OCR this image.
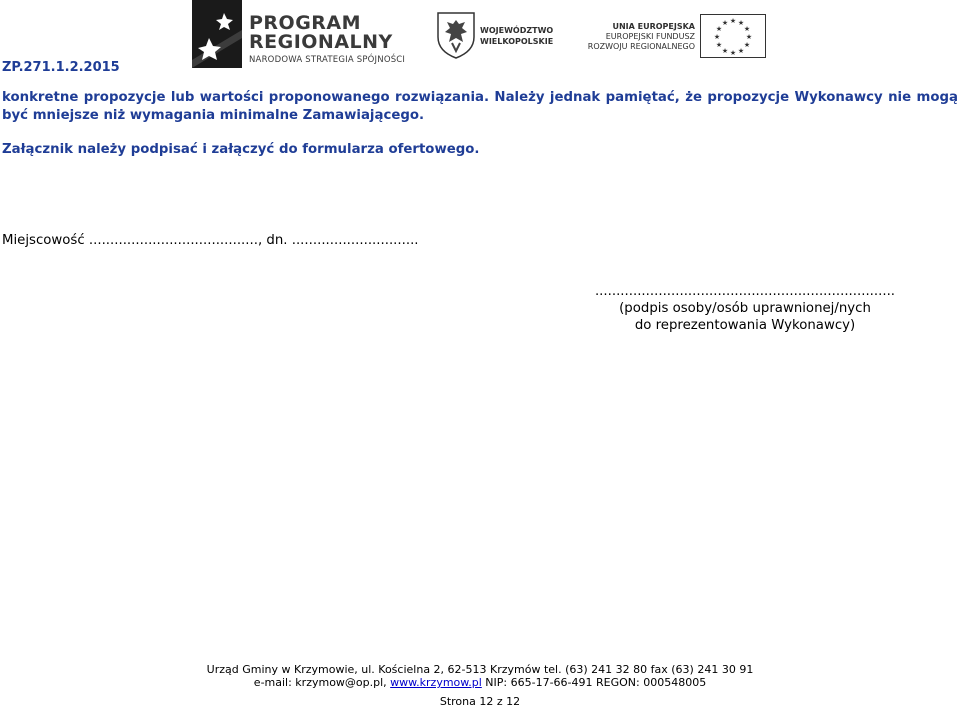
ZP.271.1.2.2015
PROGRAM
REGIONALNY
NARODOWA STRATEGIA SPÓJNOŚCI
WOJEWÓDZTWO
WIELKOPOLSKIE
UNIA EUROPEJSKA
EUROPEJSKI FUNDUSZ
ROZWOJU REGIONALNEGO
★ ★
★
★
★
★
★
★
★
★
★
★
konkretne propozycje lub wartości proponowanego rozwiązania. Należy jednak pamiętać, że propozycje Wykonawcy nie mogą być mniejsze niż wymagania minimalne Zamawiającego.
Załącznik należy podpisać i załączyć do formularza ofertowego.
Miejscowość ........................................, dn. ..............................
.......................................................................
(podpis osoby/osób uprawnionej/nych
do reprezentowania Wykonawcy)
Urząd Gminy w Krzymowie, ul. Kościelna 2, 62-513 Krzymów tel. (63) 241 32 80 fax (63) 241 30 91
e-mail: krzymow@op.pl, www.krzymow.pl NIP: 665-17-66-491 REGON: 000548005
Strona 12 z 12
